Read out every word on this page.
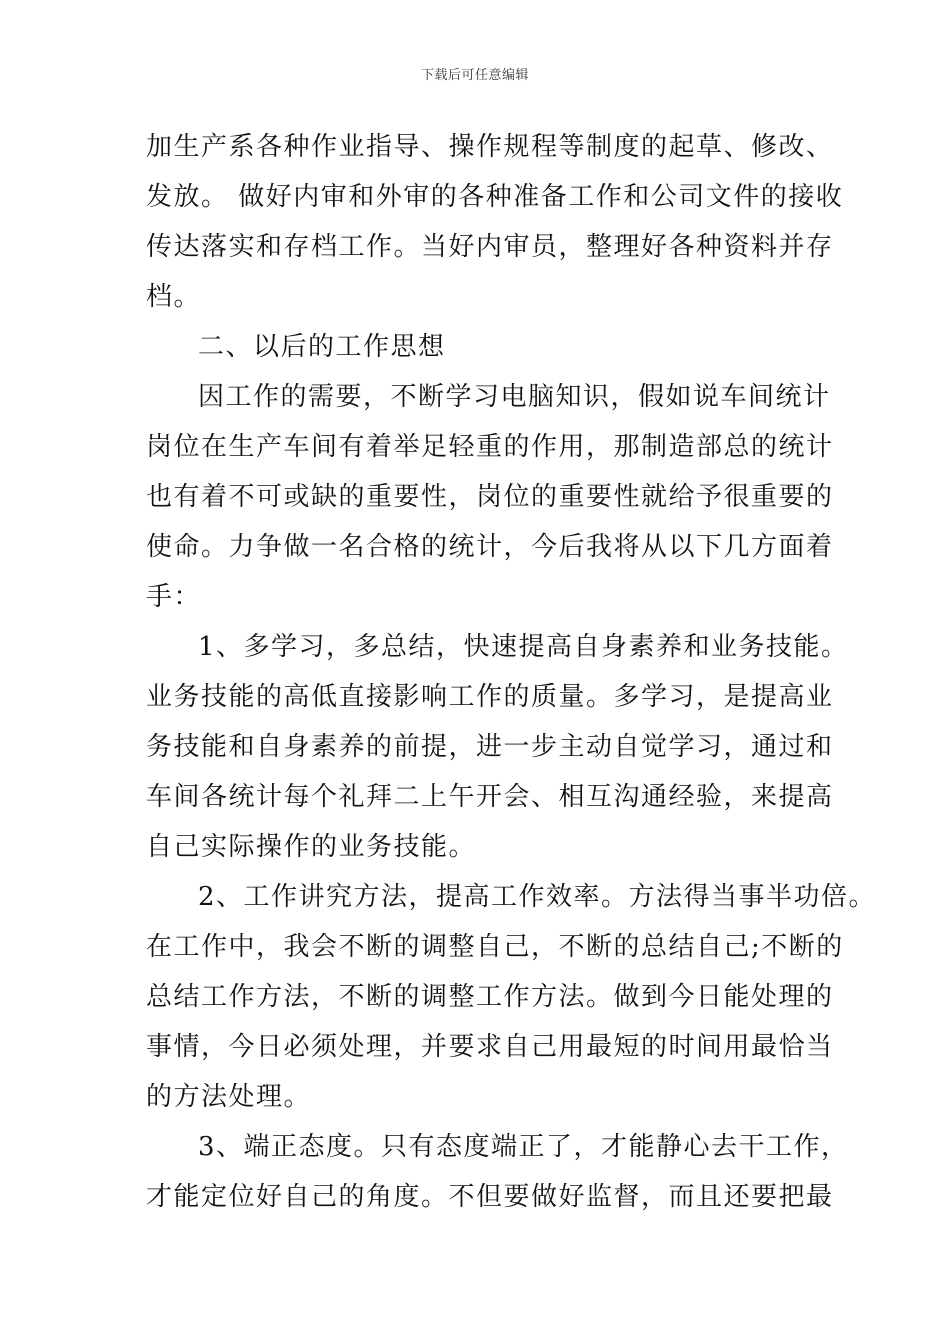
下载后可任意编辑
加生产系各种作业指导、操作规程等制度的起草、修改、
发放。 做好内审和外审的各种准备工作和公司文件的接收
传达落实和存档工作。当好内审员，整理好各种资料并存
档。
二、以后的工作思想
因工作的需要，不断学习电脑知识，假如说车间统计
岗位在生产车间有着举足轻重的作用，那制造部总的统计
也有着不可或缺的重要性，岗位的重要性就给予很重要的
使命。力争做一名合格的统计，今后我将从以下几方面着
手：
1、多学习，多总结，快速提高自身素养和业务技能。
业务技能的高低直接影响工作的质量。多学习，是提高业
务技能和自身素养的前提，进一步主动自觉学习，通过和
车间各统计每个礼拜二上午开会、相互沟通经验，来提高
自己实际操作的业务技能。
2、工作讲究方法，提高工作效率。方法得当事半功倍。
在工作中，我会不断的调整自己，不断的总结自己;不断的
总结工作方法，不断的调整工作方法。做到今日能处理的
事情，今日必须处理，并要求自己用最短的时间用最恰当
的方法处理。
3、端正态度。只有态度端正了，才能静心去干工作，
才能定位好自己的角度。不但要做好监督，而且还要把最
